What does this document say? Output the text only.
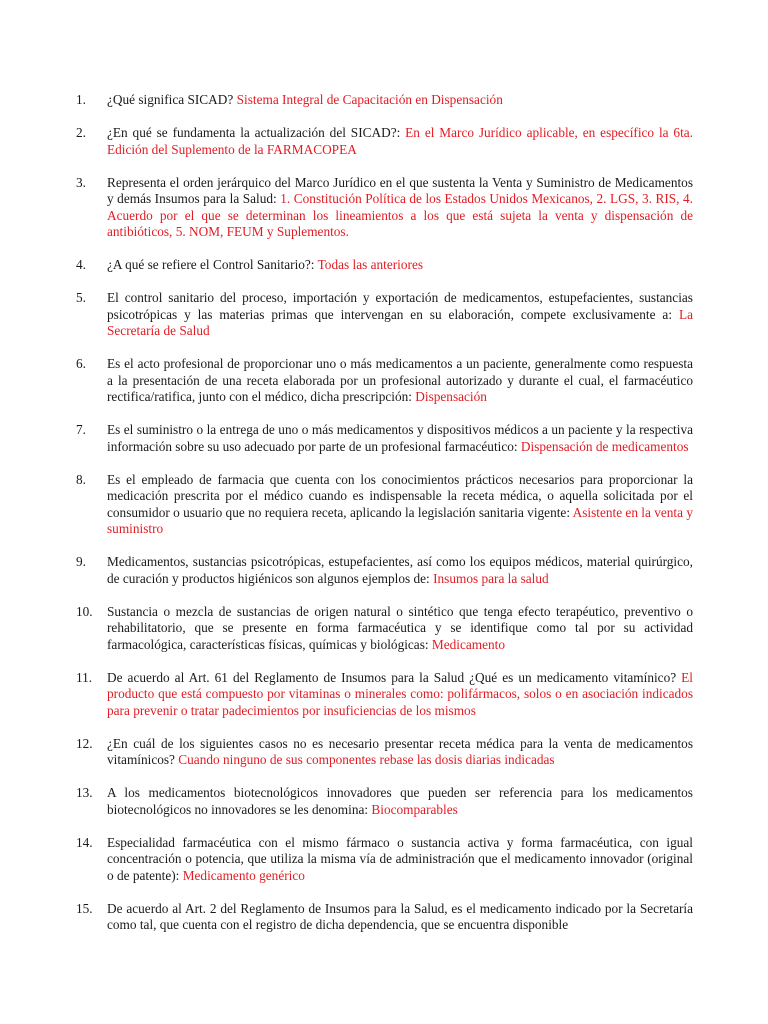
1.	¿Qué significa SICAD? Sistema Integral de Capacitación en Dispensación
2.	¿En qué se fundamenta la actualización del SICAD?: En el Marco Jurídico aplicable, en específico la 6ta. Edición del Suplemento de la FARMACOPEA
3.	Representa el orden jerárquico del Marco Jurídico en el que sustenta la Venta y Suministro de Medicamentos y demás Insumos para la Salud: 1. Constitución Política de los Estados Unidos Mexicanos, 2. LGS, 3. RIS, 4. Acuerdo por el que se determinan los lineamientos a los que está sujeta la venta y dispensación de antibióticos, 5. NOM, FEUM y Suplementos.
4.	¿A qué se refiere el Control Sanitario?: Todas las anteriores
5.	El control sanitario del proceso, importación y exportación de medicamentos, estupefacientes, sustancias psicotrópicas y las materias primas que intervengan en su elaboración, compete exclusivamente a: La Secretaría de Salud
6.	Es el acto profesional de proporcionar uno o más medicamentos a un paciente, generalmente como respuesta a la presentación de una receta elaborada por un profesional autorizado y durante el cual, el farmacéutico rectifica/ratifica, junto con el médico, dicha prescripción: Dispensación
7.	Es el suministro o la entrega de uno o más medicamentos y dispositivos médicos a un paciente y la respectiva información sobre su uso adecuado por parte de un profesional farmacéutico: Dispensación de medicamentos
8.	Es el empleado de farmacia que cuenta con los conocimientos prácticos necesarios para proporcionar la medicación prescrita por el médico cuando es indispensable la receta médica, o aquella solicitada por el consumidor o usuario que no requiera receta, aplicando la legislación sanitaria vigente: Asistente en la venta y suministro
9.	Medicamentos, sustancias psicotrópicas, estupefacientes, así como los equipos médicos, material quirúrgico, de curación y productos higiénicos son algunos ejemplos de: Insumos para la salud
10.	Sustancia o mezcla de sustancias de origen natural o sintético que tenga efecto terapéutico, preventivo o rehabilitatorio, que se presente en forma farmacéutica y se identifique como tal por su actividad farmacológica, características físicas, químicas y biológicas: Medicamento
11.	De acuerdo al Art. 61 del Reglamento de Insumos para la Salud ¿Qué es un medicamento vitamínico? El producto que está compuesto por vitaminas o minerales como: polifármacos, solos o en asociación indicados para prevenir o tratar padecimientos por insuficiencias de los mismos
12.	¿En cuál de los siguientes casos no es necesario presentar receta médica para la venta de medicamentos vitamínicos? Cuando ninguno de sus componentes rebase las dosis diarias indicadas
13.	A los medicamentos biotecnológicos innovadores que pueden ser referencia para los medicamentos biotecnológicos no innovadores se les denomina: Biocomparables
14.	Especialidad farmacéutica con el mismo fármaco o sustancia activa y forma farmacéutica, con igual concentración o potencia, que utiliza la misma vía de administración que el medicamento innovador (original o de patente): Medicamento genérico
15.	De acuerdo al Art. 2 del Reglamento de Insumos para la Salud, es el medicamento indicado por la Secretaría como tal, que cuenta con el registro de dicha dependencia, que se encuentra disponible
